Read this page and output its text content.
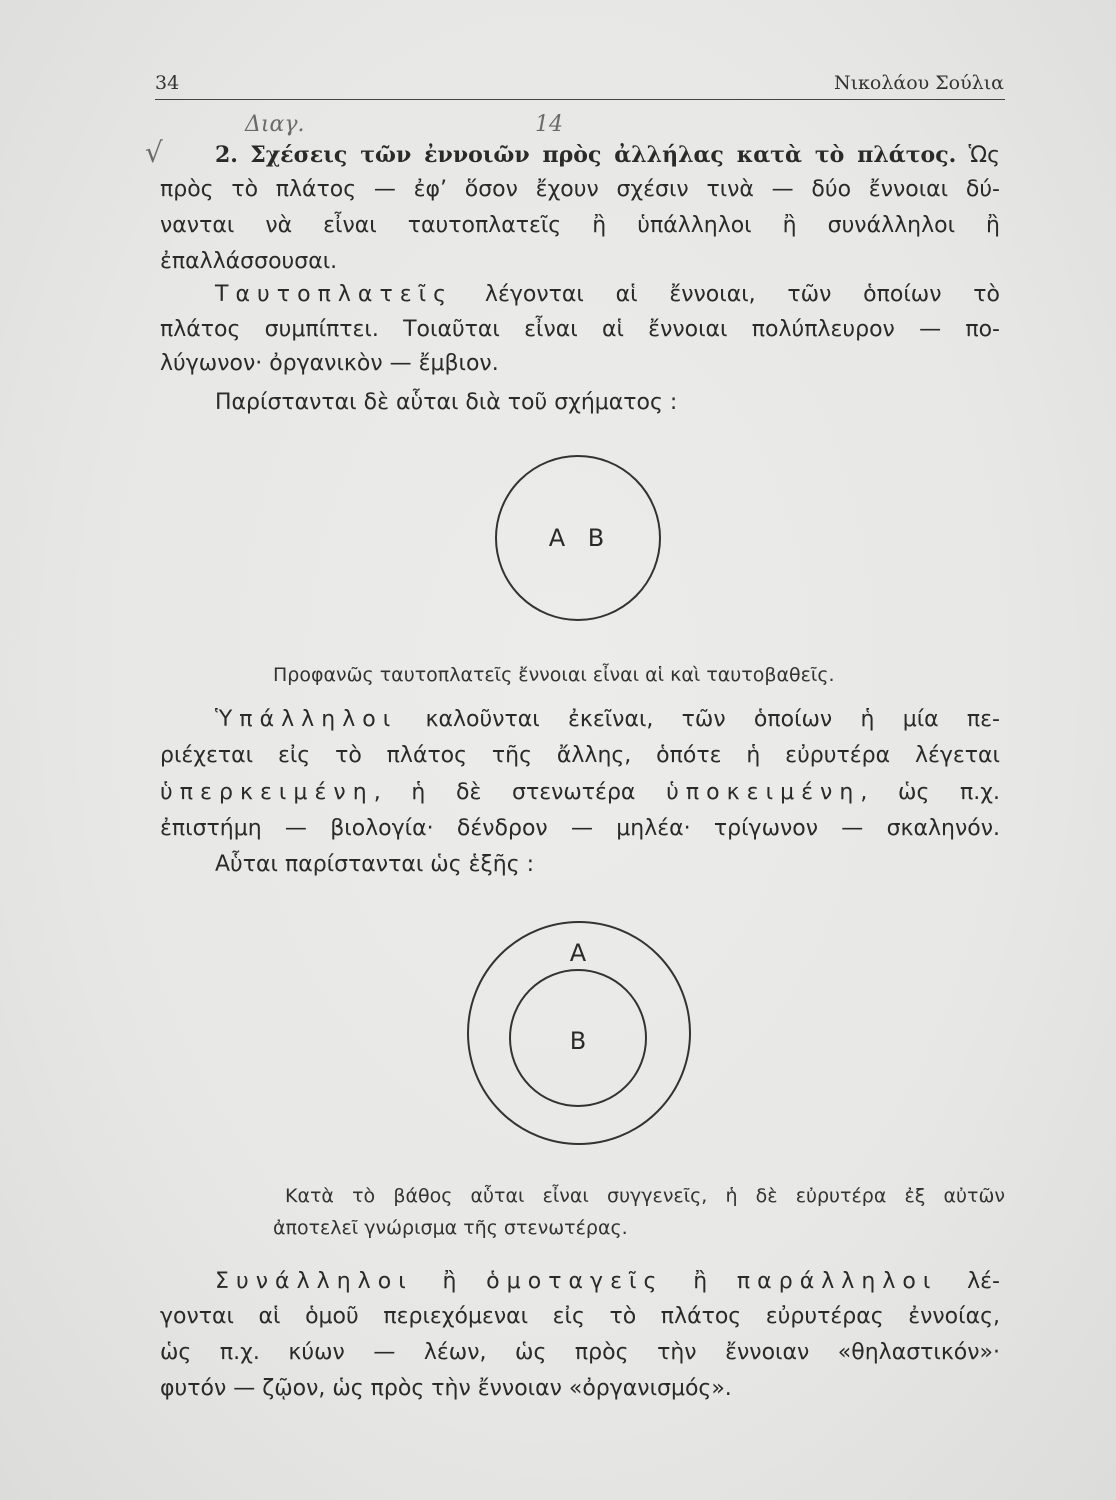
34	Νικολάου Σούλια
√
Διαγ.	14
2. Σχέσεις τῶν ἐννοιῶν πρὸς ἀλλήλας κατὰ τὸ πλάτος. Ὡς
πρὸς τὸ πλάτος — ἐφ’ ὅσον ἔχουν σχέσιν τινὰ — δύο ἔννοιαι δύ-
νανται νὰ εἶναι ταυτοπλατεῖς ἢ ὑπάλληλοι ἢ συνάλληλοι ἢ
ἐπαλλάσσουσαι.
Ταυτοπλατεῖς λέγονται αἱ ἔννοιαι, τῶν ὁποίων τὸ
πλάτος συμπίπτει. Τοιαῦται εἶναι αἱ ἔννοιαι πολύπλευρον — πο-
λύγωνον· ὀργανικὸν — ἔμβιον.
Παρίστανται δὲ αὗται διὰ τοῦ σχήματος :
Α Β
Προφανῶς ταυτοπλατεῖς ἔννοιαι εἶναι αἱ καὶ ταυτοβαθεῖς.
Ὑπάλληλοι καλοῦνται ἐκεῖναι, τῶν ὁποίων ἡ μία πε-
ριέχεται εἰς τὸ πλάτος τῆς ἄλλης, ὁπότε ἡ εὐρυτέρα λέγεται
ὑπερκειμένη, ἡ δὲ στενωτέρα ὑποκειμένη, ὡς π.χ.
ἐπιστήμη — βιολογία· δένδρον — μηλέα· τρίγωνον — σκαληνόν.
Αὗται παρίστανται ὡς ἑξῆς :
Α
Β
Κατὰ τὸ βάθος αὗται εἶναι συγγενεῖς, ἡ δὲ εὐρυτέρα ἐξ αὐτῶν
ἀποτελεῖ γνώρισμα τῆς στενωτέρας.
Συνάλληλοι ἢ ὁμοταγεῖς ἢ παράλληλοι λέ-
γονται αἱ ὁμοῦ περιεχόμεναι εἰς τὸ πλάτος εὐρυτέρας ἐννοίας,
ὡς π.χ. κύων — λέων, ὡς πρὸς τὴν ἔννοιαν «θηλαστικόν»·
φυτόν — ζῷον, ὡς πρὸς τὴν ἔννοιαν «ὀργανισμός».
